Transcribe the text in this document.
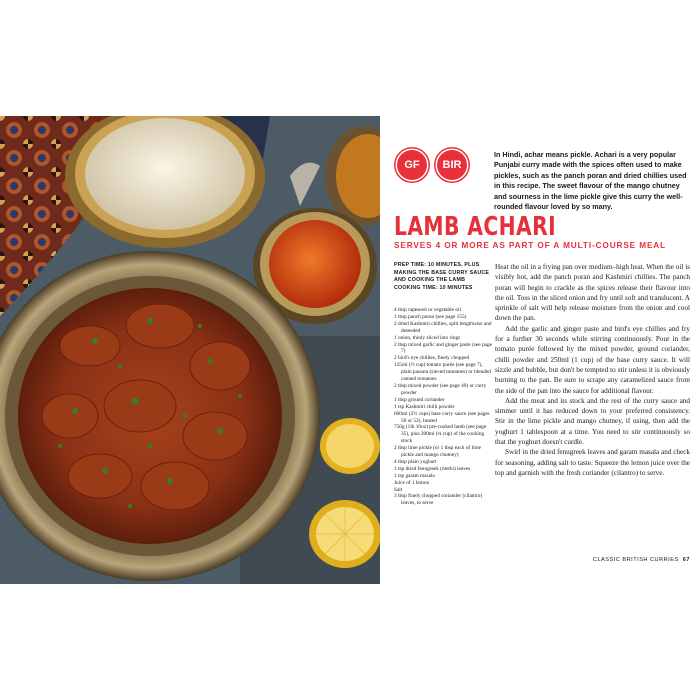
GF	BIR

In Hindi, achar means pickle. Achari is a very popular Punjabi curry made with the spices often used to make pickles, such as the panch poran and dried chillies used in this recipe. The sweet flavour of the mango chutney and sourness in the lime pickle give this curry the well-rounded flavour loved by so many.

LAMB ACHARI

SERVES 4 OR MORE AS PART OF A MULTI-COURSE MEAL

PREP TIME: 10 MINUTES, PLUS MAKING THE BASE CURRY SAUCE AND COOKING THE LAMB COOKING TIME: 10 MINUTES

4 tbsp rapeseed or vegetable oil
1 tbsp panch poran (see page 155)
2 dried Kashmiri chillies, split lengthwise and deseeded
1 onion, thinly sliced into rings
2 tbsp mixed garlic and ginger paste (see page 7)
2 bird's eye chillies, finely chopped
125ml (½ cup) tomato purée (see page 7), plain passata (sieved tomatoes) or blended canned tomatoes
2 tbsp mixed powder (see page 49) or curry powder
1 tbsp ground coriander
1 tsp Kashmiri chilli powder
600ml (2½ cups) base curry sauce (see pages 50 or 52), heated
750g (1lb 10oz) pre-cooked lamb (see page 35), plus 200ml (¾ cup) of the cooking stock
2 tbsp lime pickle (or 1 tbsp each of lime pickle and mango chutney)
4 tbsp plain yoghurt
1 tsp dried fenugreek (methi) leaves
1 tsp garam masala
Juice of 1 lemon
Salt
3 tbsp finely chopped coriander (cilantro) leaves, to serve

Heat the oil in a frying pan over medium–high heat. When the oil is visibly hot, add the panch poran and Kashmiri chillies. The panch poran will begin to crackle as the spices release their flavour into the oil. Toss in the sliced onion and fry until soft and translucent. A sprinkle of salt will help release moisture from the onion and cool down the pan.

Add the garlic and ginger paste and bird's eye chillies and fry for a further 30 seconds while stirring continuously. Pour in the tomato purée followed by the mixed powder, ground coriander, chilli powder and 250ml (1 cup) of the base curry sauce. It will sizzle and bubble, but don't be tempted to stir unless it is obviously burning to the pan. Be sure to scrape any caramelized sauce from the side of the pan into the sauce for additional flavour.

Add the meat and its stock and the rest of the curry sauce and simmer until it has reduced down to your preferred consistency. Stir in the lime pickle and mango chutney, if using, then add the yoghurt 1 tablespoon at a time. You need to stir continuously so that the yoghurt doesn't curdle.

Swirl in the dried fenugreek leaves and garam masala and check for seasoning, adding salt to taste. Squeeze the lemon juice over the top and garnish with the fresh coriander (cilantro) to serve.

CLASSIC BRITISH CURRIES 67
